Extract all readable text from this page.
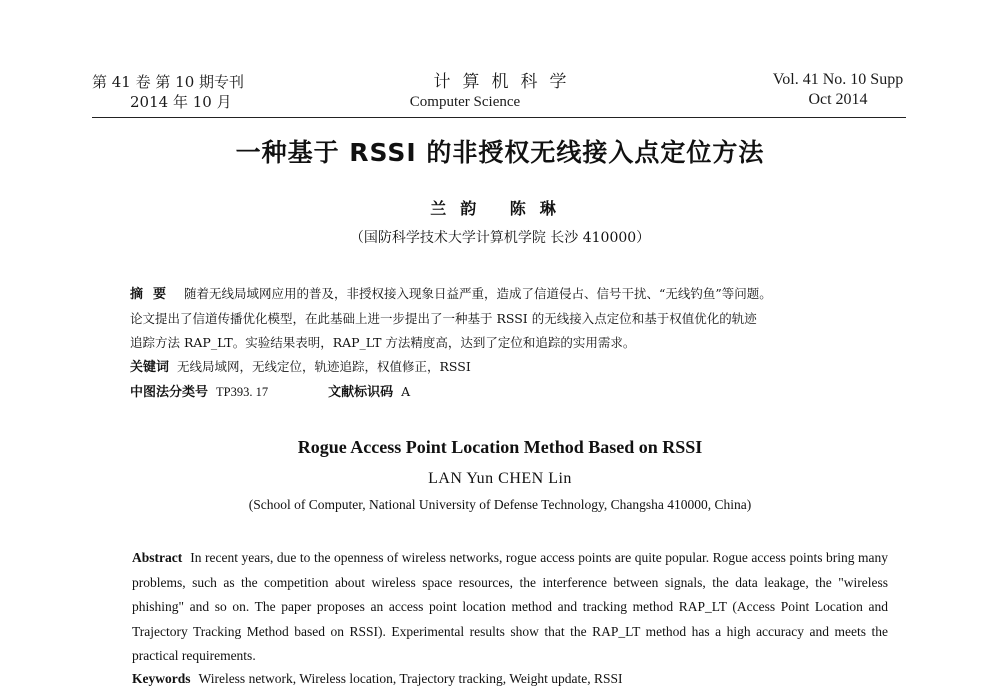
第 41 卷 第 10 期专刊
2014 年 10 月
计算机科学
Computer Science
Vol. 41 No. 10 Supp
Oct 2014
一种基于 RSSI 的非授权无线接入点定位方法
兰韵 陈琳
（国防科学技术大学计算机学院 长沙 410000）
摘要 随着无线局域网应用的普及，非授权接入现象日益严重，造成了信道侵占、信号干扰、“无线钓鱼”等问题。
论文提出了信道传播优化模型，在此基础上进一步提出了一种基于 RSSI 的无线接入点定位和基于权值优化的轨迹
追踪方法 RAP_LT。实验结果表明，RAP_LT 方法精度高，达到了定位和追踪的实用需求。
关键词 无线局域网，无线定位，轨迹追踪，权值修正，RSSI
中图法分类号 TP393. 17	文献标识码 A
Rogue Access Point Location Method Based on RSSI
LAN Yun CHEN Lin
(School of Computer, National University of Defense Technology, Changsha 410000, China)
Abstract In recent years, due to the openness of wireless networks, rogue access points are quite popular. Rogue access points bring many problems, such as the competition about wireless space resources, the interference between signals, the data leakage, the "wireless phishing" and so on. The paper proposes an access point location method and tracking method RAP_LT (Access Point Location and Trajectory Tracking Method based on RSSI). Experimental results show that the RAP_LT method has a high accuracy and meets the practical requirements.
Keywords Wireless network, Wireless location, Trajectory tracking, Weight update, RSSI
